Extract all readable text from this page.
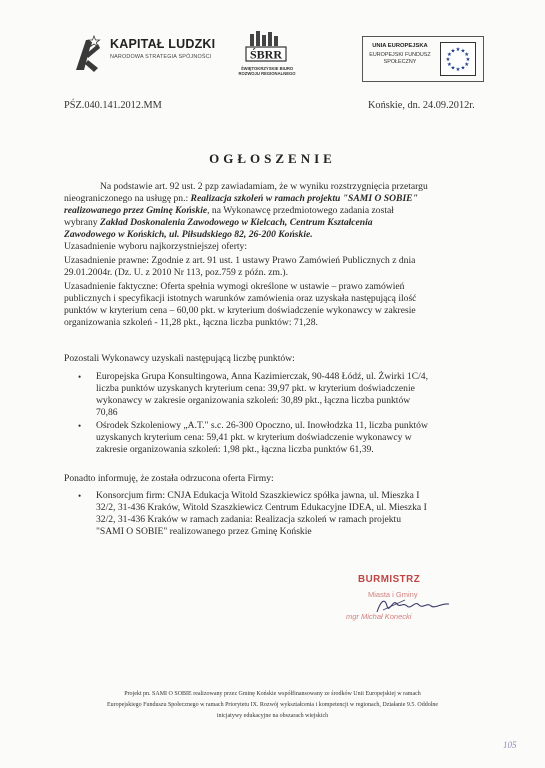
KAPITAŁ LUDZKI
NARODOWA STRATEGIA SPÓJNOŚCI	ŚBRR
ŚWIĘTOKRZYSKIE BIURO ROZWOJU REGIONALNEGO
UNIA EUROPEJSKA
EUROPEJSKI FUNDUSZ SPOŁECZNY	★
★
★
★
★
★
★
★
★ ★ ★
★
PŚZ.040.141.2012.MM	Końskie, dn. 24.09.2012r.
OGŁOSZENIE
Na podstawie art. 92 ust. 2 pzp zawiadamiam, że w wyniku rozstrzygnięcia przetargu
nieograniczonego na usługę pn.: Realizacja szkoleń w ramach projektu "SAMI O SOBIE"
realizowanego przez Gminę Końskie, na Wykonawcę przedmiotowego zadania został
wybrany Zakład Doskonalenia Zawodowego w Kielcach, Centrum Kształcenia
Zawodowego w Końskich, ul. Piłsudskiego 82, 26-200 Końskie.
Uzasadnienie wyboru najkorzystniejszej oferty:
Uzasadnienie prawne: Zgodnie z art. 91 ust. 1 ustawy Prawo Zamówień Publicznych z dnia
29.01.2004r. (Dz. U. z 2010 Nr 113, poz.759 z późn. zm.).
Uzasadnienie faktyczne: Oferta spełnia wymogi określone w ustawie – prawo zamówień
publicznych i specyfikacji istotnych warunków zamówienia oraz uzyskała następującą ilość
punktów w kryterium cena – 60,00 pkt. w kryterium doświadczenie wykonawcy w zakresie
organizowania szkoleń - 11,28 pkt., łączna liczba punktów: 71,28.
Pozostali Wykonawcy uzyskali następującą liczbę punktów:
• Europejska Grupa Konsultingowa, Anna Kazimierczak, 90-448 Łódź, ul. Żwirki 1C/4,
liczba punktów uzyskanych kryterium cena: 39,97 pkt. w kryterium doświadczenie
wykonawcy w zakresie organizowania szkoleń: 30,89 pkt., łączna liczba punktów
70,86
• Ośrodek Szkoleniowy „A.T." s.c. 26-300 Opoczno, ul. Inowłodzka 11, liczba punktów
uzyskanych kryterium cena: 59,41 pkt. w kryterium doświadczenie wykonawcy w
zakresie organizowania szkoleń: 1,98 pkt., łączna liczba punktów 61,39.
Ponadto informuję, że została odrzucona oferta Firmy:
• Konsorcjum firm: CNJA Edukacja Witold Szaszkiewicz spółka jawna, ul. Mieszka I
32/2, 31-436 Kraków, Witold Szaszkiewicz Centrum Edukacyjne IDEA, ul. Mieszka I
32/2, 31-436 Kraków w ramach zadania: Realizacja szkoleń w ramach projektu
"SAMI O SOBIE" realizowanego przez Gminę Końskie
BURMISTRZ
Miasta i Gminy
mgr Michał Konecki
Projekt pn. SAMI O SOBIE realizowany przez Gminę Końskie współfinansowany ze środków Unii Europejskiej w ramach
Europejskiego Funduszu Społecznego w ramach Priorytetu IX. Rozwój wykształcenia i kompetencji w regionach, Działanie 9.5. Oddolne
inicjatywy edukacyjne na obszarach wiejskich
105
